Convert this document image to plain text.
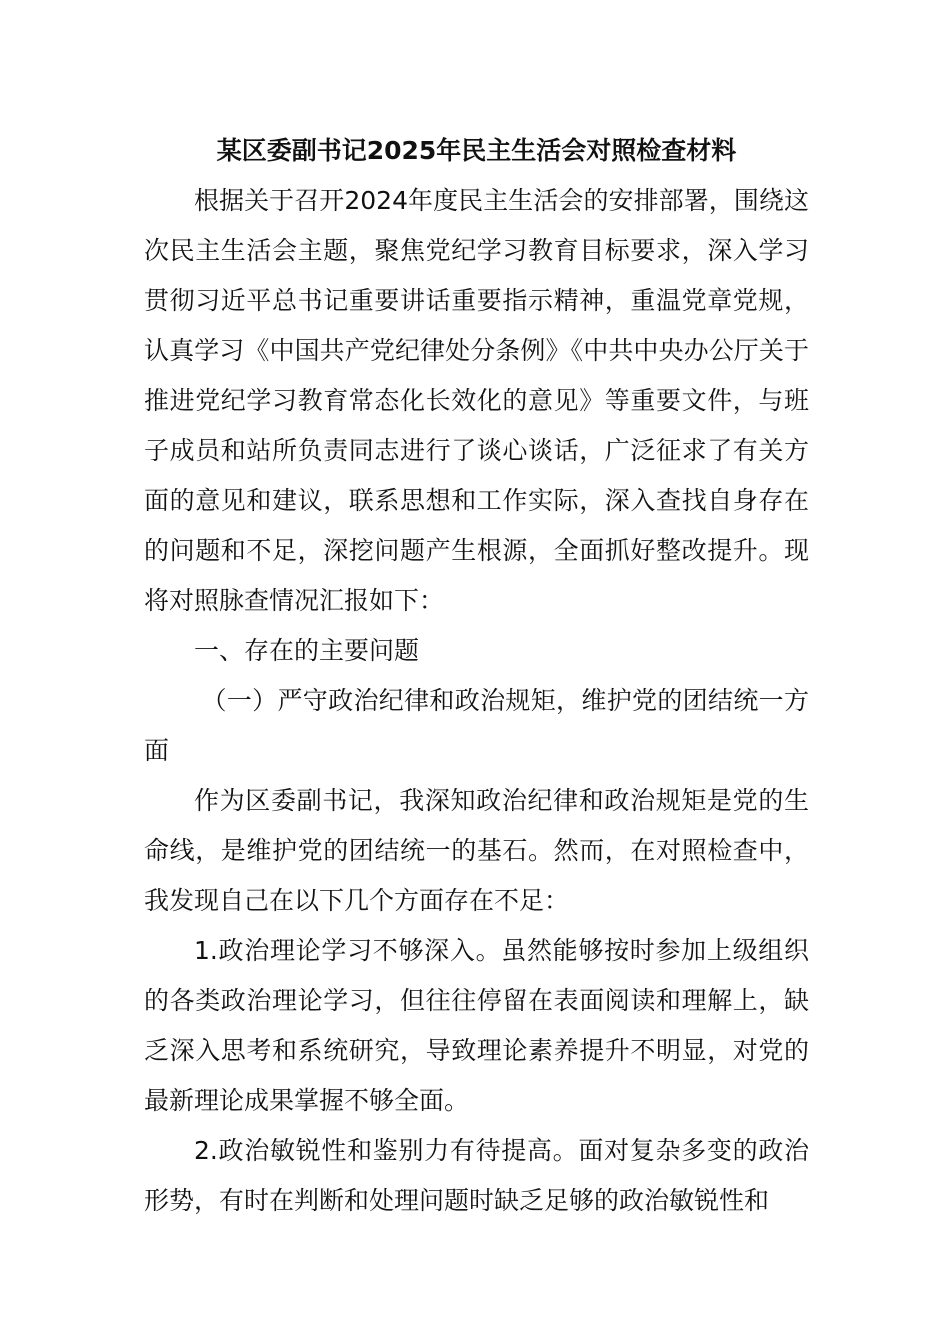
某区委副书记2025年民主生活会对照检查材料

根据关于召开2024年度民主生活会的安排部署，围绕这次民主生活会主题，聚焦党纪学习教育目标要求，深入学习贯彻习近平总书记重要讲话重要指示精神，重温党章党规，认真学习《中国共产党纪律处分条例》《中共中央办公厅关于推进党纪学习教育常态化长效化的意见》等重要文件，与班子成员和站所负责同志进行了谈心谈话，广泛征求了有关方面的意见和建议，联系思想和工作实际，深入查找自身存在的问题和不足，深挖问题产生根源，全面抓好整改提升。现将对照脉查情况汇报如下：

一、存在的主要问题

（一）严守政治纪律和政治规矩，维护党的团结统一方面

作为区委副书记，我深知政治纪律和政治规矩是党的生命线，是维护党的团结统一的基石。然而，在对照检查中，我发现自己在以下几个方面存在不足：

1.政治理论学习不够深入。虽然能够按时参加上级组织的各类政治理论学习，但往往停留在表面阅读和理解上，缺乏深入思考和系统研究，导致理论素养提升不明显，对党的最新理论成果掌握不够全面。

2.政治敏锐性和鉴别力有待提高。面对复杂多变的政治形势，有时在判断和处理问题时缺乏足够的政治敏锐性和
